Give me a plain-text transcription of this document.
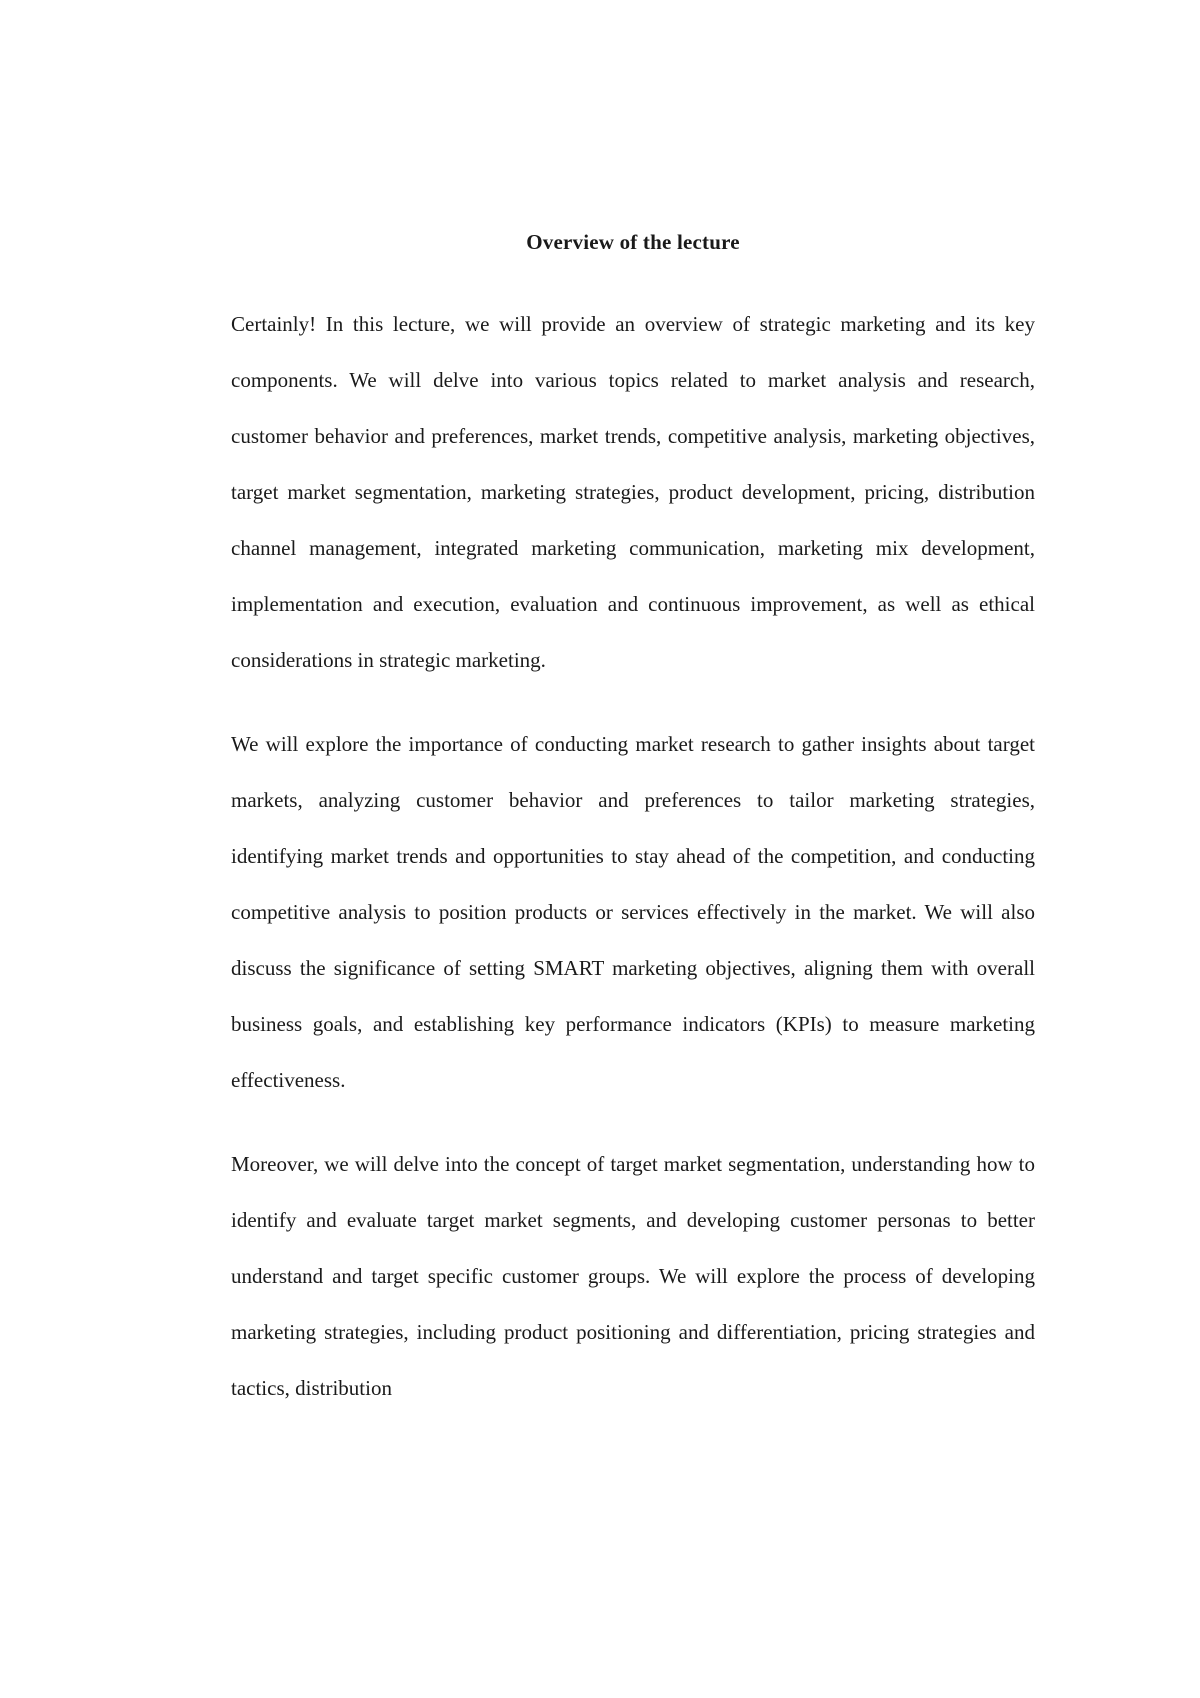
Overview of the lecture

Certainly! In this lecture, we will provide an overview of strategic marketing and its key components. We will delve into various topics related to market analysis and research, customer behavior and preferences, market trends, competitive analysis, marketing objectives, target market segmentation, marketing strategies, product development, pricing, distribution channel management, integrated marketing communication, marketing mix development, implementation and execution, evaluation and continuous improvement, as well as ethical considerations in strategic marketing.

We will explore the importance of conducting market research to gather insights about target markets, analyzing customer behavior and preferences to tailor marketing strategies, identifying market trends and opportunities to stay ahead of the competition, and conducting competitive analysis to position products or services effectively in the market. We will also discuss the significance of setting SMART marketing objectives, aligning them with overall business goals, and establishing key performance indicators (KPIs) to measure marketing effectiveness.

Moreover, we will delve into the concept of target market segmentation, understanding how to identify and evaluate target market segments, and developing customer personas to better understand and target specific customer groups. We will explore the process of developing marketing strategies, including product positioning and differentiation, pricing strategies and tactics, distribution
